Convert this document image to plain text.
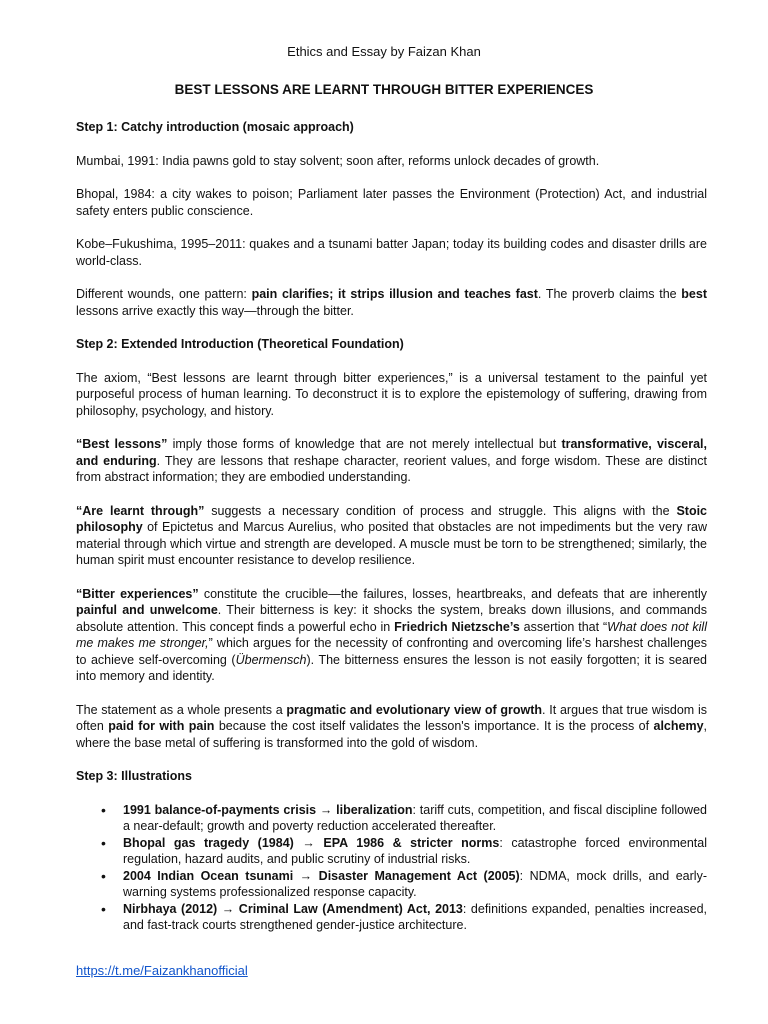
Ethics and Essay by Faizan Khan
BEST LESSONS ARE LEARNT THROUGH BITTER EXPERIENCES
Step 1: Catchy introduction (mosaic approach)

Mumbai, 1991: India pawns gold to stay solvent; soon after, reforms unlock decades of growth.

Bhopal, 1984: a city wakes to poison; Parliament later passes the Environment (Protection) Act, and industrial safety enters public conscience.

Kobe–Fukushima, 1995–2011: quakes and a tsunami batter Japan; today its building codes and disaster drills are world-class.

Different wounds, one pattern: pain clarifies; it strips illusion and teaches fast. The proverb claims the best lessons arrive exactly this way—through the bitter.

Step 2: Extended Introduction (Theoretical Foundation)

The axiom, “Best lessons are learnt through bitter experiences,” is a universal testament to the painful yet purposeful process of human learning. To deconstruct it is to explore the epistemology of suffering, drawing from philosophy, psychology, and history.

“Best lessons” imply those forms of knowledge that are not merely intellectual but transformative, visceral, and enduring. They are lessons that reshape character, reorient values, and forge wisdom. These are distinct from abstract information; they are embodied understanding.

“Are learnt through” suggests a necessary condition of process and struggle. This aligns with the Stoic philosophy of Epictetus and Marcus Aurelius, who posited that obstacles are not impediments but the very raw material through which virtue and strength are developed. A muscle must be torn to be strengthened; similarly, the human spirit must encounter resistance to develop resilience.

“Bitter experiences” constitute the crucible—the failures, losses, heartbreaks, and defeats that are inherently painful and unwelcome. Their bitterness is key: it shocks the system, breaks down illusions, and commands absolute attention. This concept finds a powerful echo in Friedrich Nietzsche’s assertion that “What does not kill me makes me stronger,” which argues for the necessity of confronting and overcoming life’s harshest challenges to achieve self-overcoming (Übermensch). The bitterness ensures the lesson is not easily forgotten; it is seared into memory and identity.

The statement as a whole presents a pragmatic and evolutionary view of growth. It argues that true wisdom is often paid for with pain because the cost itself validates the lesson's importance. It is the process of alchemy, where the base metal of suffering is transformed into the gold of wisdom.

Step 3: Illustrations
• 1991 balance-of-payments crisis → liberalization: tariff cuts, competition, and fiscal discipline followed a near-default; growth and poverty reduction accelerated thereafter.
• Bhopal gas tragedy (1984) → EPA 1986 & stricter norms: catastrophe forced environmental regulation, hazard audits, and public scrutiny of industrial risks.
• 2004 Indian Ocean tsunami → Disaster Management Act (2005): NDMA, mock drills, and early-warning systems professionalized response capacity.
• Nirbhaya (2012) → Criminal Law (Amendment) Act, 2013: definitions expanded, penalties increased, and fast-track courts strengthened gender-justice architecture.
https://t.me/Faizankhanofficial
